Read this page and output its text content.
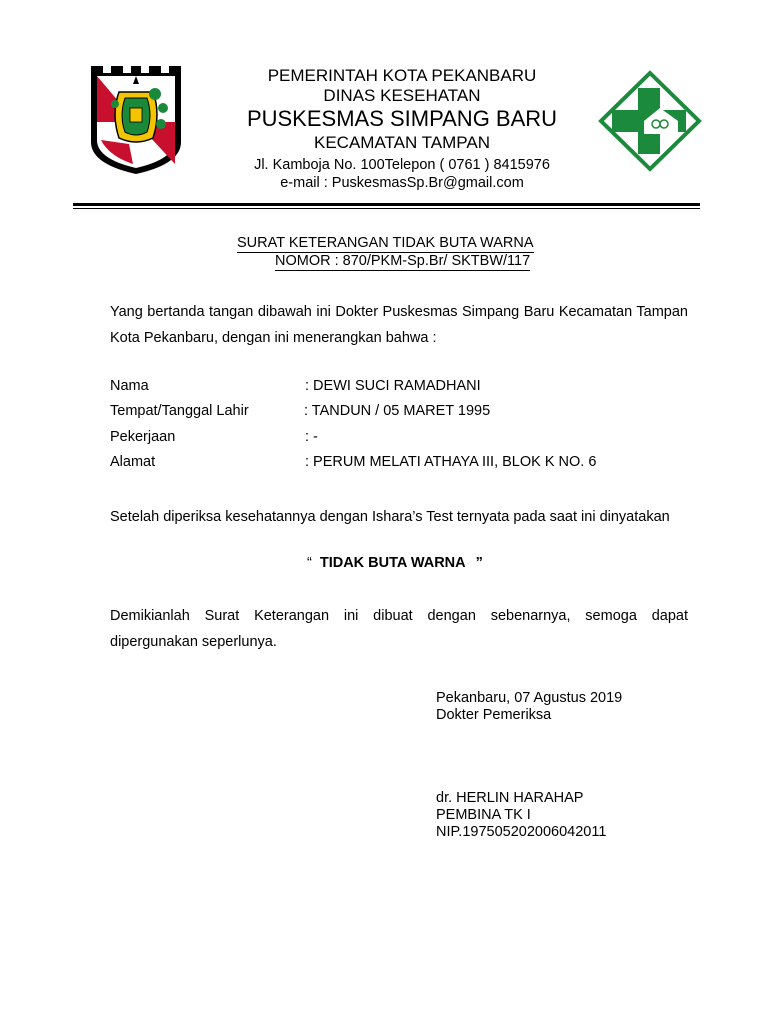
PEMERINTAH KOTA PEKANBARU
DINAS KESEHATAN
PUSKESMAS SIMPANG BARU
KECAMATAN TAMPAN
Jl. Kamboja No. 100Telepon ( 0761 ) 8415976
e-mail : PuskesmasSp.Br@gmail.com
SURAT KETERANGAN TIDAK BUTA WARNA
NOMOR : 870/PKM-Sp.Br/ SKTBW/117
Yang bertanda tangan dibawah ini Dokter Puskesmas Simpang Baru Kecamatan Tampan Kota Pekanbaru, dengan ini menerangkan bahwa :
Nama	: DEWI SUCI RAMADHANI
Tempat/Tanggal Lahir	: TANDUN / 05 MARET 1995
Pekerjaan	: -
Alamat	: PERUM MELATI ATHAYA III, BLOK K NO. 6
Setelah diperiksa kesehatannya dengan Ishara’s Test ternyata pada saat ini dinyatakan
“ TIDAK BUTA WARNA ”
Demikianlah Surat Keterangan ini dibuat dengan sebenarnya, semoga dapat dipergunakan seperlunya.
Pekanbaru, 07 Agustus 2019
Dokter Pemeriksa
dr. HERLIN HARAHAP
PEMBINA TK I
NIP.197505202006042011
